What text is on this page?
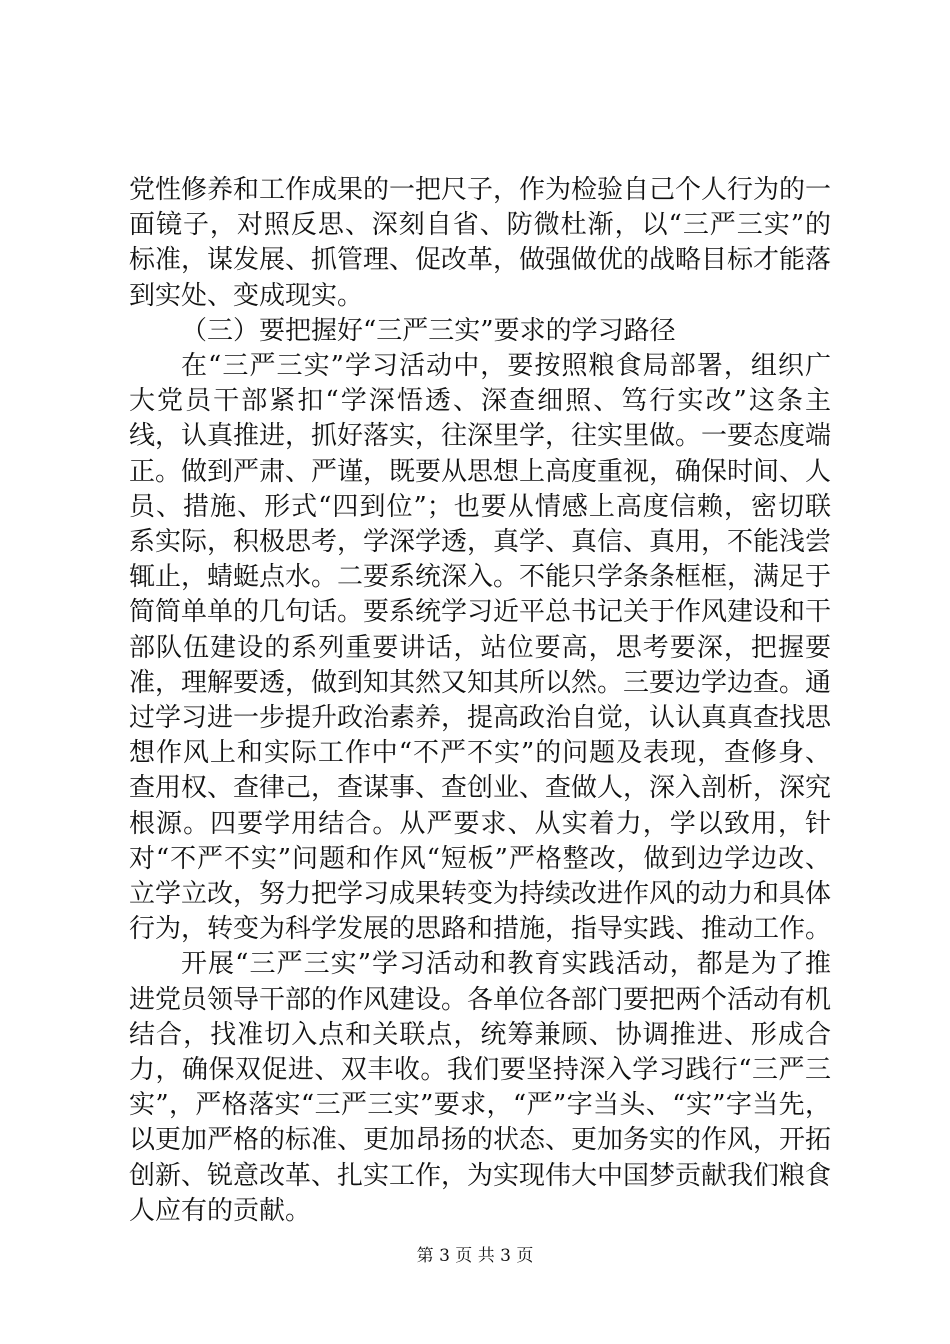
党性修养和工作成果的一把尺子，作为检验自己个人行为的一面镜子，对照反思、深刻自省、防微杜渐，以“三严三实”的标准，谋发展、抓管理、促改革，做强做优的战略目标才能落到实处、变成现实。

（三）要把握好“三严三实”要求的学习路径

在“三严三实”学习活动中，要按照粮食局部署，组织广大党员干部紧扣“学深悟透、深查细照、笃行实改”这条主线，认真推进，抓好落实，往深里学，往实里做。一要态度端正。做到严肃、严谨，既要从思想上高度重视，确保时间、人员、措施、形式“四到位”；也要从情感上高度信赖，密切联系实际，积极思考，学深学透，真学、真信、真用，不能浅尝辄止，蜻蜓点水。二要系统深入。不能只学条条框框，满足于简简单单的几句话。要系统学习近平总书记关于作风建设和干部队伍建设的系列重要讲话，站位要高，思考要深，把握要准，理解要透，做到知其然又知其所以然。三要边学边查。通过学习进一步提升政治素养，提高政治自觉，认认真真查找思想作风上和实际工作中“不严不实”的问题及表现，查修身、查用权、查律己，查谋事、查创业、查做人，深入剖析，深究根源。四要学用结合。从严要求、从实着力，学以致用，针对“不严不实”问题和作风“短板”严格整改，做到边学边改、立学立改，努力把学习成果转变为持续改进作风的动力和具体行为，转变为科学发展的思路和措施，指导实践、推动工作。

开展“三严三实”学习活动和教育实践活动，都是为了推进党员领导干部的作风建设。各单位各部门要把两个活动有机结合，找准切入点和关联点，统筹兼顾、协调推进、形成合力，确保双促进、双丰收。我们要坚持深入学习践行“三严三实”，严格落实“三严三实”要求，“严”字当头、“实”字当先，以更加严格的标准、更加昂扬的状态、更加务实的作风，开拓创新、锐意改革、扎实工作，为实现伟大中国梦贡献我们粮食人应有的贡献。

第 3 页 共 3 页
